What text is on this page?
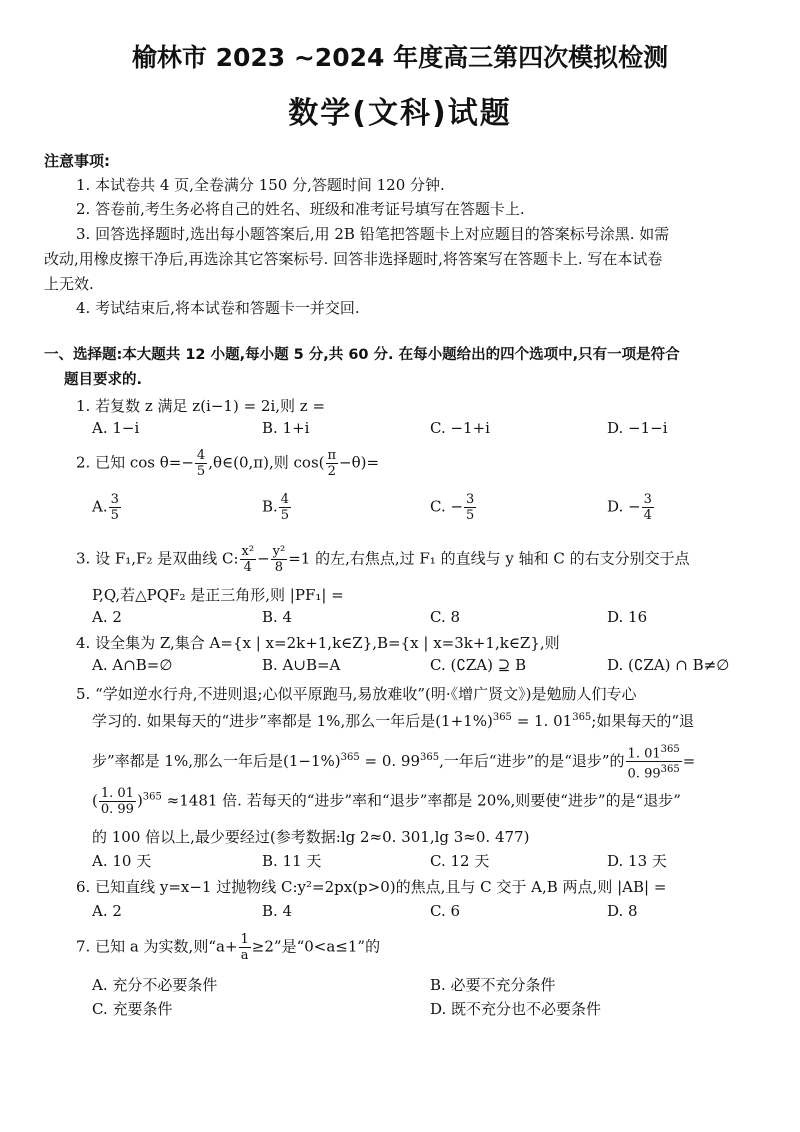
榆林市 2023 ~2024 年度高三第四次模拟检测
数学(文科)试题
注意事项:
1. 本试卷共 4 页,全卷满分 150 分,答题时间 120 分钟.
2. 答卷前,考生务必将自己的姓名、班级和准考证号填写在答题卡上.
3. 回答选择题时,选出每小题答案后,用 2B 铅笔把答题卡上对应题目的答案标号涂黑. 如需
改动,用橡皮擦干净后,再选涂其它答案标号. 回答非选择题时,将答案写在答题卡上. 写在本试卷
上无效.
4. 考试结束后,将本试卷和答题卡一并交回.
一、选择题:本大题共 12 小题,每小题 5 分,共 60 分. 在每小题给出的四个选项中,只有一项是符合
题目要求的.
1. 若复数 z 满足 z(i−1) = 2i,则 z =
A. 1−i	B. 1+i	C. −1+i	D. −1−i
2. 已知 $\cos \theta=- \frac{4}{5}$ ,θ∈(0,π),则 $\cos( \frac{\pi}{2} -\theta)=$
A. $\frac{3}{5}$	B. $\frac{4}{5}$	C. − $\frac{3}{5}$	D. − $\frac{3}{4}$
3. 设 F₁,F₂ 是双曲线 C: $\frac{\text{x²}}{4} - \frac{\text{y²}}{8} =1$ 的左,右焦点,过 F₁ 的直线与 y 轴和 C 的右支分别交于点
P,Q,若△PQF₂ 是正三角形,则 |PF₁| =
A. 2	B. 4	C. 8	D. 16
4. 设全集为 Z,集合 A={x | x=2k+1,k∈Z},B={x | x=3k+1,k∈Z},则
A. A∩B=∅	B. A∪B=A	C. (∁ZA) ⊇ B	D. (∁ZA) ∩ B≠∅
5. “学如逆水行舟,不进则退;心似平原跑马,易放难收”(明·《增广贤文》)是勉励人们专心
学习的. 如果每天的“进步”率都是 1%,那么一年后是$(1+1\%)^{365} = 1$. $01^{365}$;如果每天的“退
步”率都是 1%,那么一年后是$(1-1\%)^{365} = 0$. $99^{365}$,一年后“进步”的是“退步”的 $\frac{1. 01^{365}}{0. 99^{365}}$ =
( $\frac{1. 01}{0. 99} )^{365} \approx 1481$ 倍. 若每天的“进步”率和“退步”率都是 20%,则要使“进步”的是“退步”
的 100 倍以上,最少要经过(参考数据:lg 2≈0. 301,lg 3≈0. 477)
A. 10 天	B. 11 天	C. 12 天	D. 13 天
6. 已知直线 y=x−1 过抛物线 C:y²=2px(p>0)的焦点,且与 C 交于 A,B 两点,则 |AB| =
A. 2	B. 4	C. 6	D. 8
7. 已知 a 为实数,则“$a+ \frac{1}{a} \ge 2$”是“0<a≤1”的
A. 充分不必要条件	B. 必要不充分条件
C. 充要条件	D. 既不充分也不必要条件
